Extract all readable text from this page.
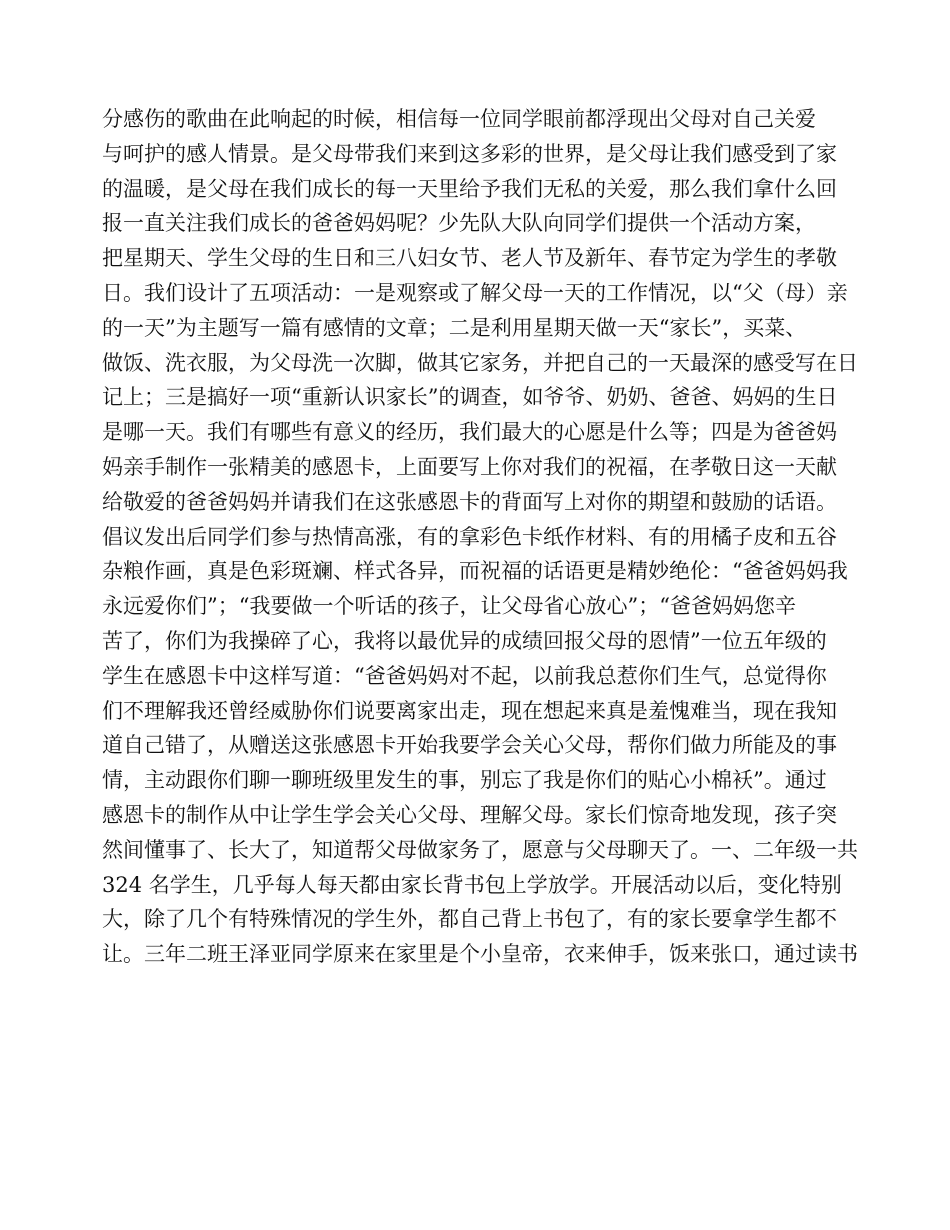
分感伤的歌曲在此响起的时候，相信每一位同学眼前都浮现出父母对自己关爱
与呵护的感人情景。是父母带我们来到这多彩的世界，是父母让我们感受到了家
的温暖，是父母在我们成长的每一天里给予我们无私的关爱，那么我们拿什么回
报一直关注我们成长的爸爸妈妈呢？少先队大队向同学们提供一个活动方案，
把星期天、学生父母的生日和三八妇女节、老人节及新年、春节定为学生的孝敬
日。我们设计了五项活动：一是观察或了解父母一天的工作情况，以“父（母）亲
的一天”为主题写一篇有感情的文章；二是利用星期天做一天“家长”，买菜、
做饭、洗衣服，为父母洗一次脚，做其它家务，并把自己的一天最深的感受写在日
记上；三是搞好一项“重新认识家长”的调查，如爷爷、奶奶、爸爸、妈妈的生日
是哪一天。我们有哪些有意义的经历，我们最大的心愿是什么等；四是为爸爸妈
妈亲手制作一张精美的感恩卡，上面要写上你对我们的祝福，在孝敬日这一天献
给敬爱的爸爸妈妈并请我们在这张感恩卡的背面写上对你的期望和鼓励的话语。
倡议发出后同学们参与热情高涨，有的拿彩色卡纸作材料、有的用橘子皮和五谷
杂粮作画，真是色彩斑斓、样式各异，而祝福的话语更是精妙绝伦：“爸爸妈妈我
永远爱你们”；“我要做一个听话的孩子，让父母省心放心”；“爸爸妈妈您辛
苦了，你们为我操碎了心，我将以最优异的成绩回报父母的恩情”一位五年级的
学生在感恩卡中这样写道：“爸爸妈妈对不起，以前我总惹你们生气，总觉得你
们不理解我还曾经威胁你们说要离家出走，现在想起来真是羞愧难当，现在我知
道自己错了，从赠送这张感恩卡开始我要学会关心父母，帮你们做力所能及的事
情，主动跟你们聊一聊班级里发生的事，别忘了我是你们的贴心小棉袄”。通过
感恩卡的制作从中让学生学会关心父母、理解父母。家长们惊奇地发现，孩子突
然间懂事了、长大了，知道帮父母做家务了，愿意与父母聊天了。一、二年级一共
324 名学生，几乎每人每天都由家长背书包上学放学。开展活动以后，变化特别
大，除了几个有特殊情况的学生外，都自己背上书包了，有的家长要拿学生都不
让。三年二班王泽亚同学原来在家里是个小皇帝，衣来伸手，饭来张口，通过读书
